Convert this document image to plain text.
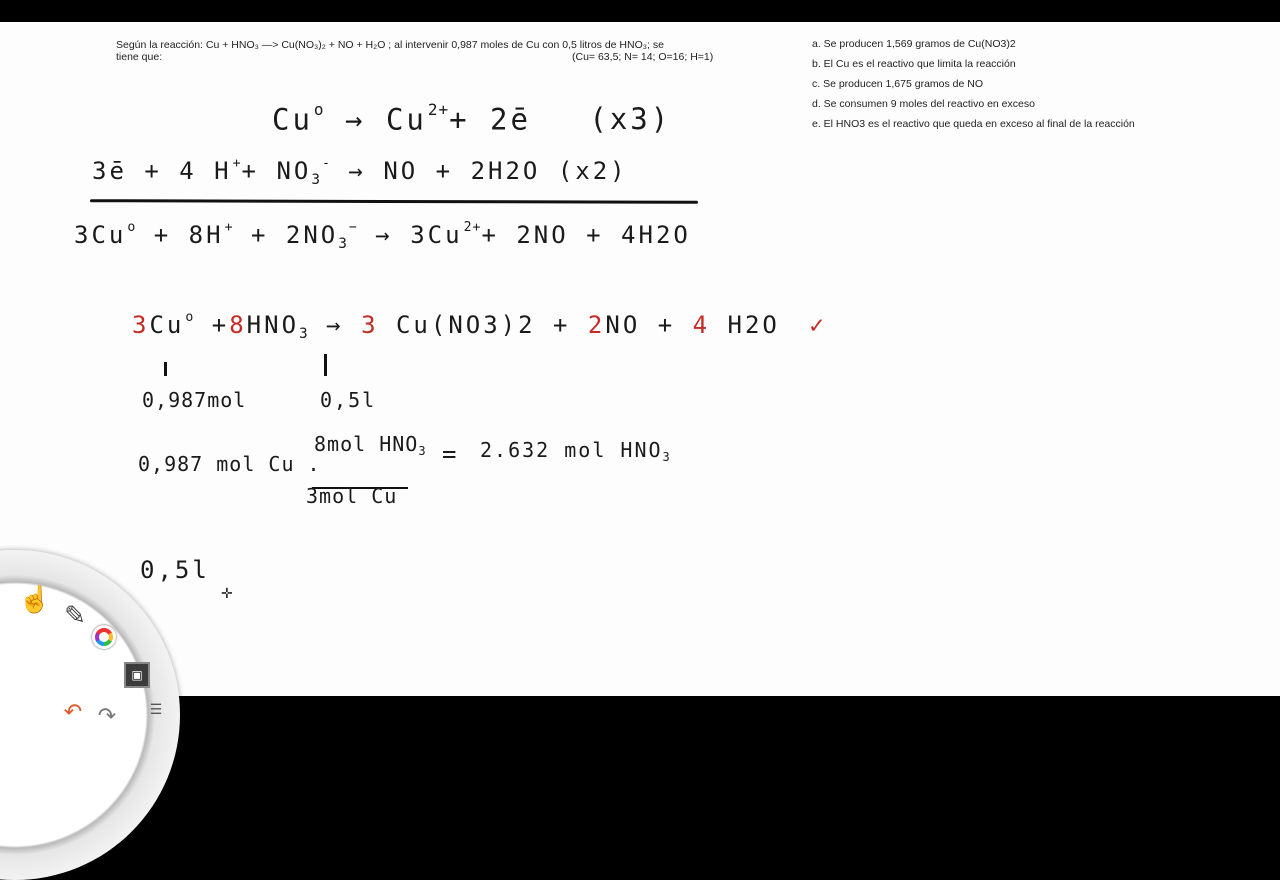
Según la reacción: Cu + HNO₃ —> Cu(NO₃)₂ + NO + H₂O ; al intervenir 0,987 moles de Cu con 0,5 litros de HNO₃; se
tiene que:	(Cu= 63,5; N= 14; O=16; H=1)
a. Se producen 1,569 gramos de Cu(NO3)2
b. El Cu es el reactivo que limita la reacción
c. Se producen 1,675 gramos de NO
d. Se consumen 9 moles del reactivo en exceso
e. El HNO3 es el reactivo que queda en exceso al final de la reacción
$Cu^o \to Cu^{2+}+$ 2ē (x3)
3ē + 4 $H^++ NO_3^-$ → NO + 2H2O (x2)
$3Cu^o + 8H^+ + 2NO_3^- \to 3Cu^{2+}+ 2NO + 4H2O$
$3Cu^o +8HNO_3 \to 3$ Cu(NO3)2 + 2NO + 4 H2O ✓
0,987mol	0,5l
0,987 mol Cu .
8mol $HNO_3$
3mol Cu
= 2.632 mol $HNO_3$
0,5l
✛
☝
✎
▣
☰
↶ ↷
